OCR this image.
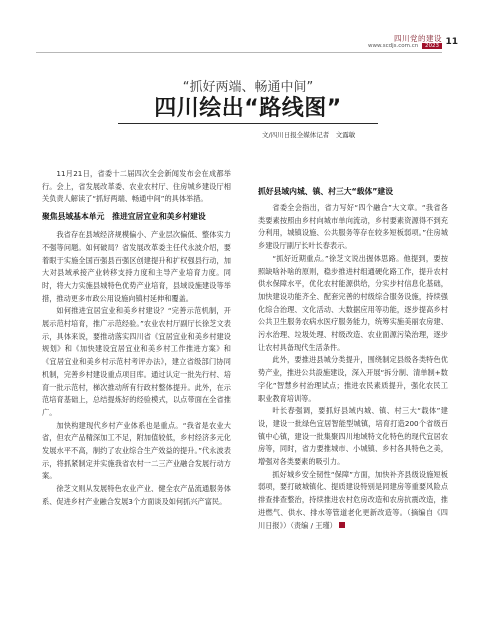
四川党的建设
www.scdjs.com.cn 2023 11
“抓好两端、畅通中间”
四川绘出“路线图”
文/四川日报全媒体记者　文露敏

11月21日，省委十二届四次全会新闻发布会在成都举行。会上，省发展改革委、农业农村厅、住房城乡建设厅相关负责人解读了“抓好两端、畅通中间”的具体举措。

聚焦县域基本单元　推进宜居宜业和美乡村建设

我省存在县域经济规模偏小、产业层次偏低、整体实力不强等问题。如何破局？省发展改革委主任代永波介绍，要着眼于实施全国百强县百强区创建提升和扩权强县行动，加大对县域承接产业转移支持力度和主导产业培育力度。同时，将大力实施县城特色优势产业培育，县域设施建设等举措，推动更多市政公用设施向镇村延伸和覆盖。

如何推进宜居宜业和美乡村建设？“完善示范机制，开展示范村培育，推广示范经验。”农业农村厅副厅长徐芝文表示，具体来说，要推动落实四川省《宜居宜业和美乡村建设规划》和《加快建设宜居宜业和美乡村工作推进方案》和《宜居宜业和美乡村示范村考评办法》，建立省级部门协同机制，完善乡村建设重点项目库。通过认定一批先行村、培育一批示范村，梯次推动所有行政村整体提升。此外，在示范培育基础上，总结提炼好的经验模式，以点带面在全省推广。

加快构建现代乡村产业体系也是重点。“我省是农业大省，但农产品精深加工不足，附加值较低，乡村经济多元化发展水平不高，制约了农业综合生产效益的提升。”代永波表示，将抓紧制定并实施我省农村一二三产业融合发展行动方案。

徐芝文则从发展特色农业产业、健全农产品流通服务体系、促进乡村产业融合发展3个方面谈及如何抓兴产富民。

抓好县域内城、镇、村三大“载体”建设

省委全会指出，省力写好“四个融合”大文章。“我省各类要素按照由乡村向城市单向流动，乡村要素资源得不到充分利用，城镇设施、公共服务等存在较多短板弱项。”住房城乡建设厅副厅长叶长春表示。

“抓好近期重点。”徐芝文说出握体思路。他提到，要按照缺啥补啥的原则，稳步推进村组通硬化路工作，提升农村供水保障水平，优化农村能源供给，分实步村信息化基础，加快建设功能齐全、配套完善的村级综合服务设施，持续强化综合治理、文化活动、大数据应用等功能，逐步提高乡村公共卫生服务农病水医疗服务能力，统筹实施美丽农房建、污水治理、垃圾处理、村级改造、农业面源污染治理，逐步让农村具备现代生活条件。

此外，要推进县城分类提升，围绕制定县级各类特色优势产业，推进公共設施建设，深入开展“拆分制、清单制+数字化”智慧乡村治理试点；推进农民素质提升，强化农民工职业教育培训等。

叶长春强调，要抓好县域内城、镇、村三大“载体”建设，建设一批绿色宜居智能型城镇，培育打造200个省级百镇中心镇，建设一批集聚四川地域特文化特色的现代宜居农房等，同时，省力要推城市、小城镇、乡村各具特色之美，增强对各类要素的吸引力。

抓好城乡安全韧性“保障”方面，加快补齐县级设施短板弱项，要打破城镇化、提质建设特别是同建房等重要风险点排查排查整治，持续推进农村危房改造和农房抗震改造，推进燃气、供水、排水等管道老化更新改造等。（摘编自《四川日报》）（责编 / 王瑾）
